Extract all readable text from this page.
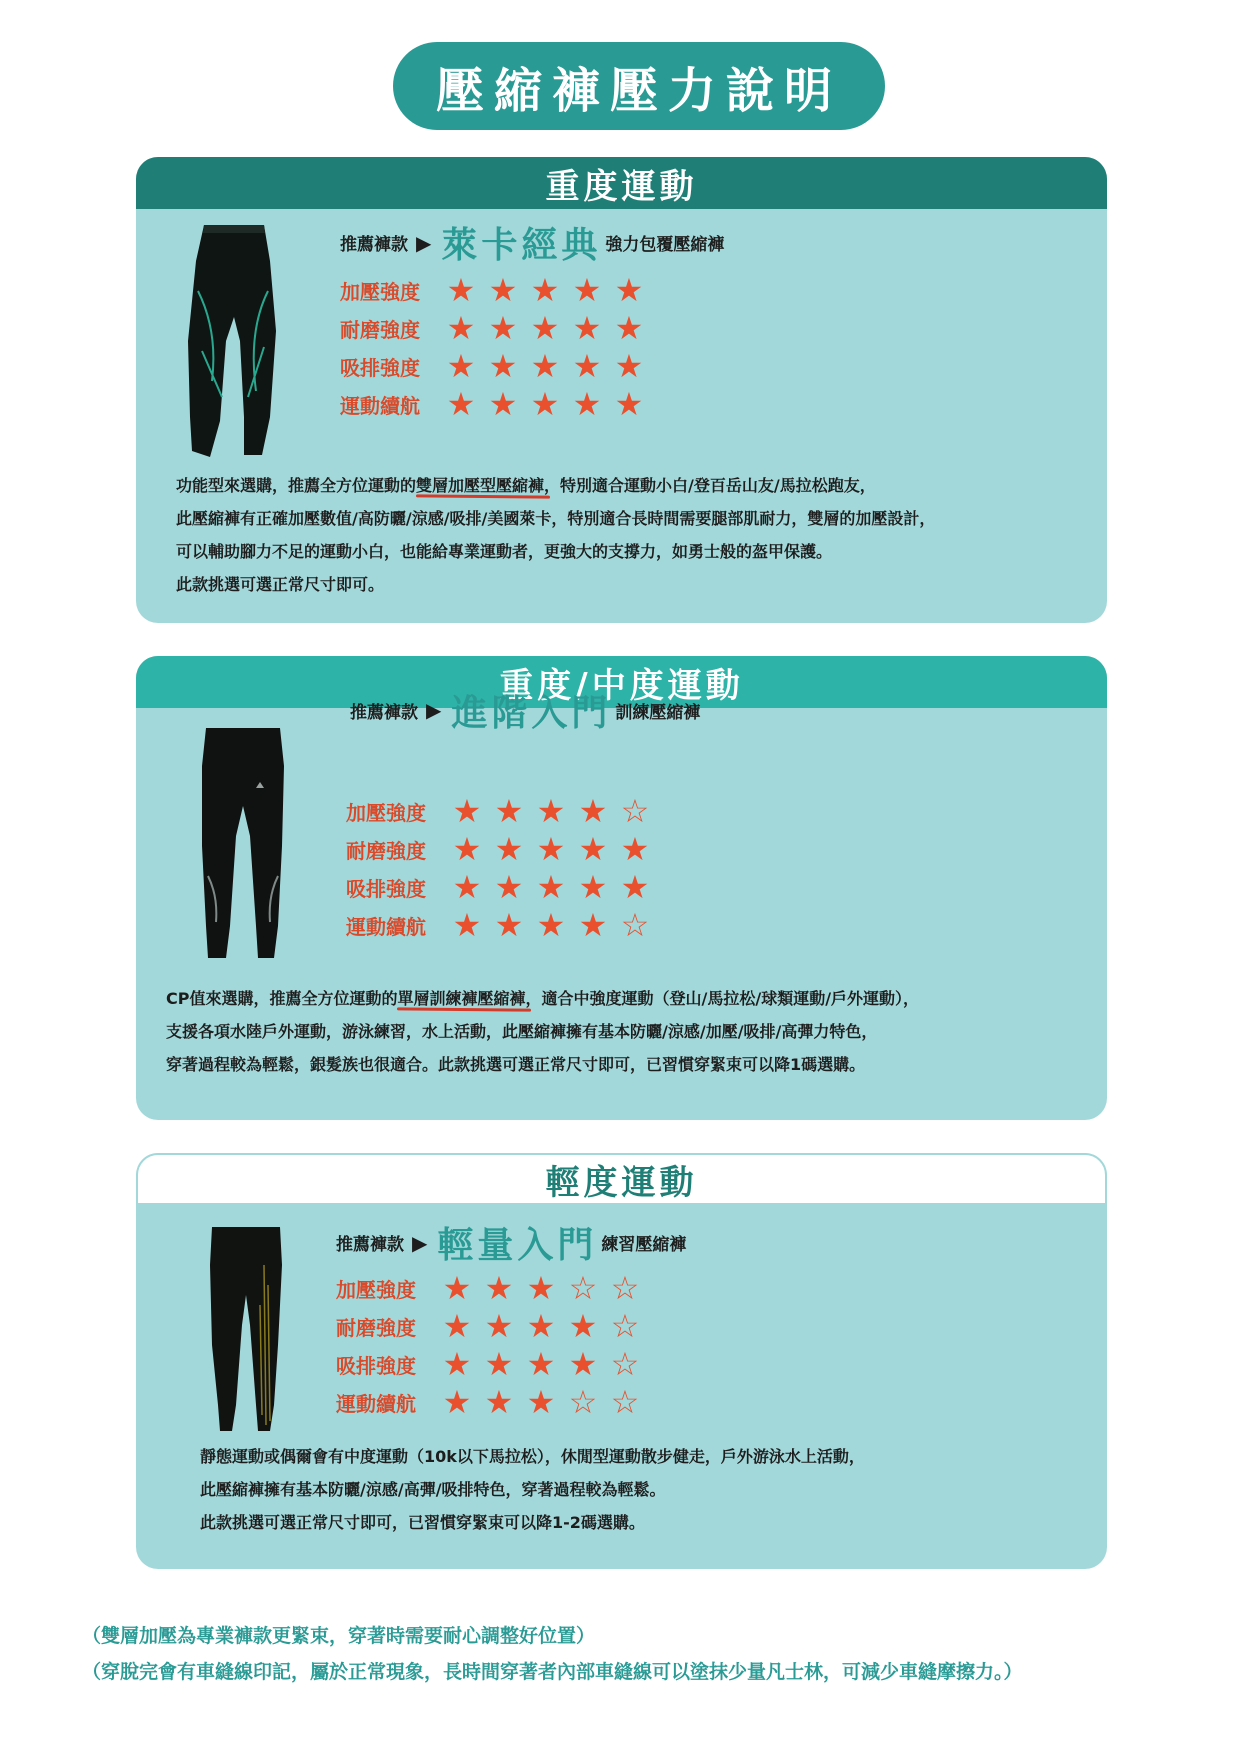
壓縮褲壓力說明
重度運動
推薦褲款 ▶ 萊卡經典 強力包覆壓縮褲
加壓強度 ★ ★ ★ ★ ★
耐磨強度 ★ ★ ★ ★ ★
吸排強度 ★ ★ ★ ★ ★
運動續航 ★ ★ ★ ★ ★

功能型來選購，推薦全方位運動的雙層加壓型壓縮褲，特別適合運動小白/登百岳山友/馬拉松跑友，

此壓縮褲有正確加壓數值/高防曬/涼感/吸排/美國萊卡，特別適合長時間需要腿部肌耐力，雙層的加壓設計，

可以輔助腳力不足的運動小白，也能給專業運動者，更強大的支撐力，如勇士般的盔甲保護。

此款挑選可選正常尺寸即可。

重度/中度運動
推薦褲款 ▶ 進階入門 訓練壓縮褲
加壓強度 ★ ★ ★ ★ ☆
耐磨強度 ★ ★ ★ ★ ★
吸排強度 ★ ★ ★ ★ ★
運動續航 ★ ★ ★ ★ ☆

CP值來選購，推薦全方位運動的單層訓練褲壓縮褲，適合中強度運動（登山/馬拉松/球類運動/戶外運動），

支援各項水陸戶外運動，游泳練習，水上活動，此壓縮褲擁有基本防曬/涼感/加壓/吸排/高彈力特色，

穿著過程較為輕鬆，銀髮族也很適合。此款挑選可選正常尺寸即可，已習慣穿緊束可以降1碼選購。

輕度運動
推薦褲款 ▶ 輕量入門 練習壓縮褲
加壓強度 ★ ★ ★ ☆ ☆
耐磨強度 ★ ★ ★ ★ ☆
吸排強度 ★ ★ ★ ★ ☆
運動續航 ★ ★ ★ ☆ ☆

靜態運動或偶爾會有中度運動（10k以下馬拉松），休閒型運動散步健走，戶外游泳水上活動，

此壓縮褲擁有基本防曬/涼感/高彈/吸排特色，穿著過程較為輕鬆。

此款挑選可選正常尺寸即可，已習慣穿緊束可以降1-2碼選購。

（雙層加壓為專業褲款更緊束，穿著時需要耐心調整好位置）

（穿脫完會有車縫線印記，屬於正常現象，長時間穿著者內部車縫線可以塗抹少量凡士林，可減少車縫摩擦力。）
